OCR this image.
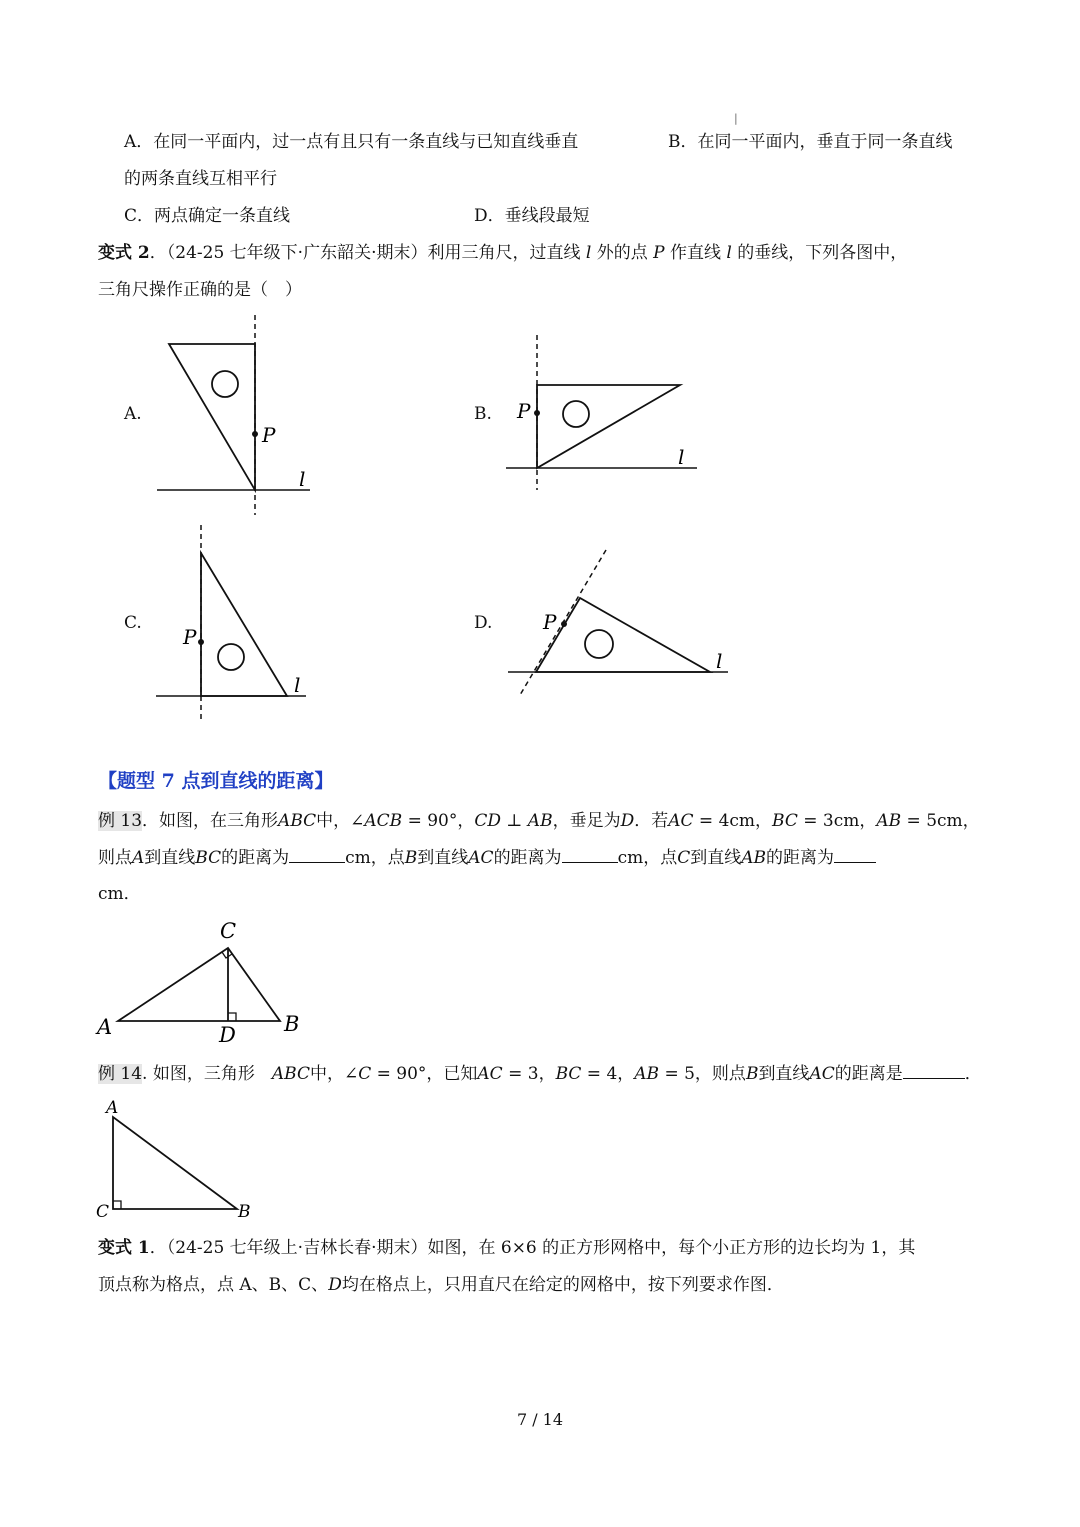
|
A．在同一平面内，过一点有且只有一条直线与已知直线垂直	B．在同一平面内，垂直于同一条直线
的两条直线互相平行
C．两点确定一条直线	D．垂线段最短
变式 2．（24-25 七年级下·广东韶关·期末）利用三角尺，过直线 l 外的点 P 作直线 l 的垂线，下列各图中，
三角尺操作正确的是（　）
A.	B.
C.	D.
P
l
P
l
P
l
P
l
【题型 7 点到直线的距离】
例 13．如图，在三角形ABC中，∠ACB = 90°，CD ⊥ AB，垂足为D．若AC = 4cm，BC = 3cm，AB = 5cm，
则点A到直线BC的距离为	cm，点B到直线AC的距离为	cm，点C到直线AB的距离为
cm．
C
A	B
D
例 14. 如图，三角形　ABC中，∠C = 90°，已知AC = 3，BC = 4，AB = 5，则点B到直线AC的距离是	．
A
C	B
变式 1．（24-25 七年级上·吉林长春·期末）如图，在 6×6 的正方形网格中，每个小正方形的边长均为 1，其
顶点称为格点，点 A、B、C、D均在格点上，只用直尺在给定的网格中，按下列要求作图．
7 / 14
